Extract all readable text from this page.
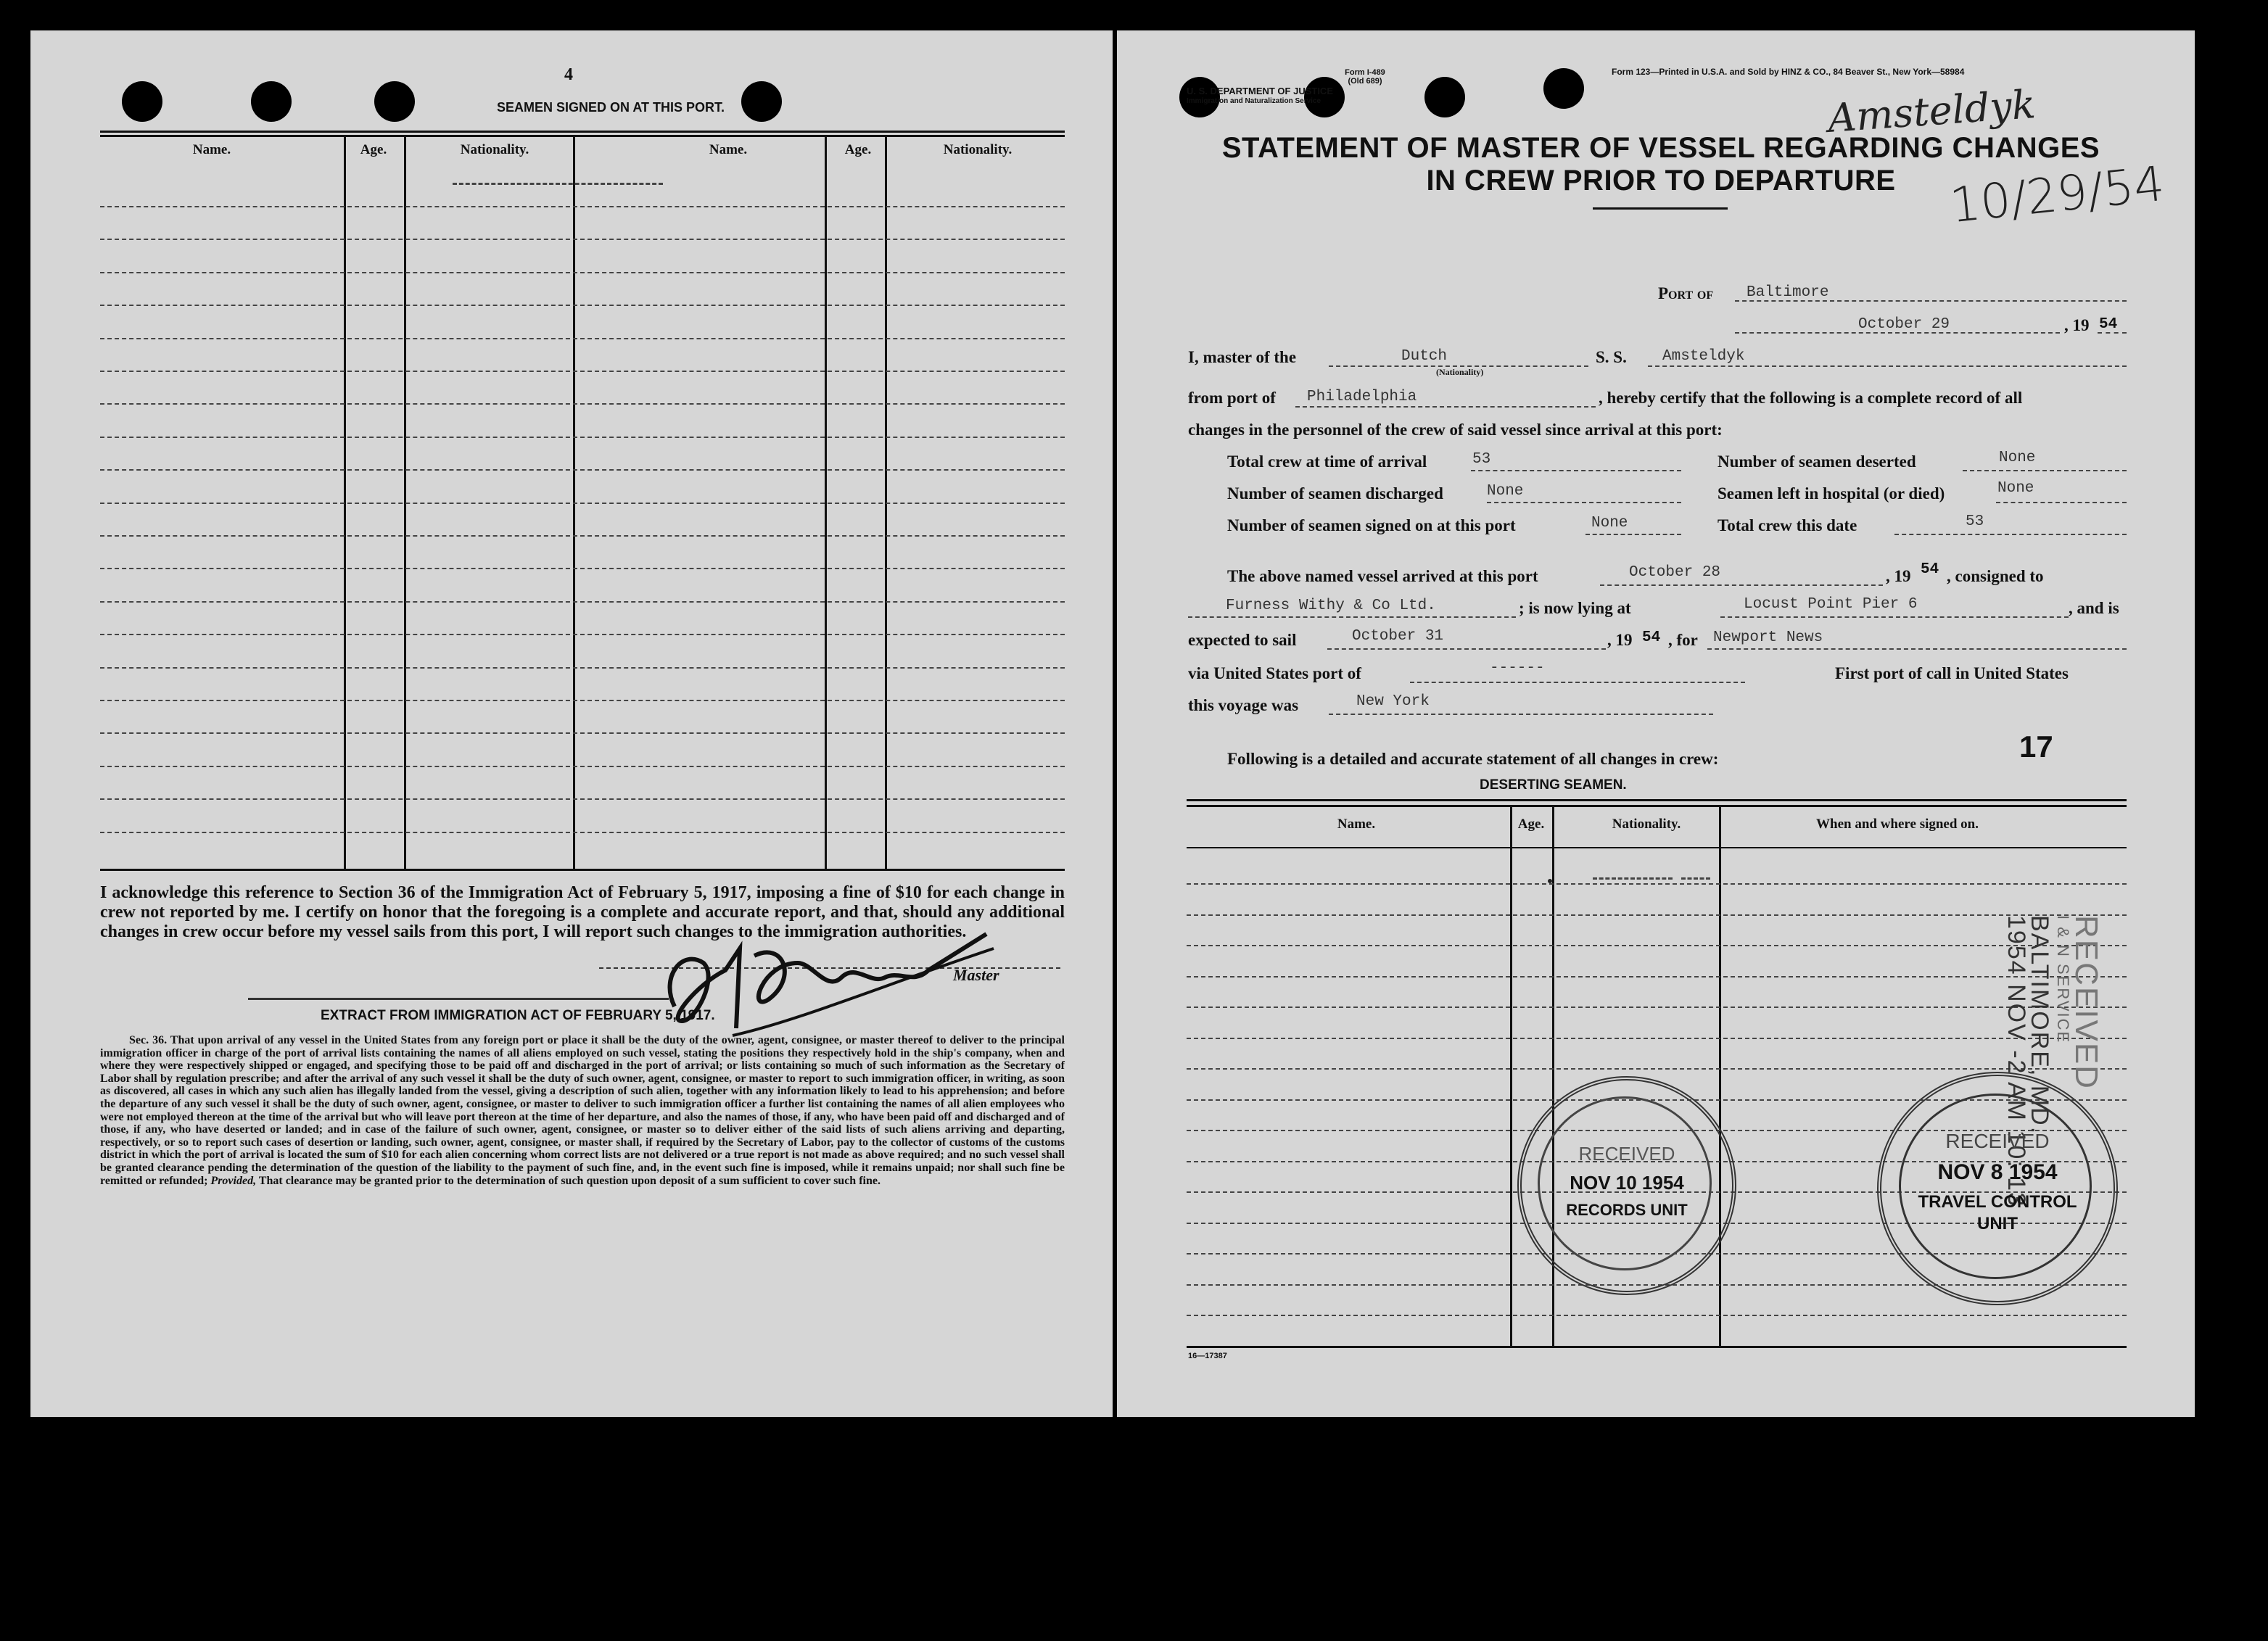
4
SEAMEN SIGNED ON AT THIS PORT.
Name.	Age.	Nationality.	Name.	Age.	Nationality.
I acknowledge this reference to Section 36 of the Immigration Act of February 5, 1917, imposing a fine of $10 for each change in crew not reported by me. I certify on honor that the foregoing is a complete and accurate report, and that, should any additional changes in crew occur before my vessel sails from this port, I will report such changes to the immigration authorities.
Master
EXTRACT FROM IMMIGRATION ACT OF FEBRUARY 5, 1917.
Sec. 36. That upon arrival of any vessel in the United States from any foreign port or place it shall be the duty of the owner, agent, consignee, or master thereof to deliver to the principal immigration officer in charge of the port of arrival lists containing the names of all aliens employed on such vessel, stating the positions they respectively hold in the ship's company, when and where they were respectively shipped or engaged, and specifying those to be paid off and discharged in the port of arrival; or lists containing so much of such information as the Secretary of Labor shall by regulation prescribe; and after the arrival of any such vessel it shall be the duty of such owner, agent, consignee, or master to report to such immigration officer, in writing, as soon as discovered, all cases in which any such alien has illegally landed from the vessel, giving a description of such alien, together with any information likely to lead to his apprehension; and before the departure of any such vessel it shall be the duty of such owner, agent, consignee, or master to deliver to such immigration officer a further list containing the names of all alien employees who were not employed thereon at the time of the arrival but who will leave port thereon at the time of her departure, and also the names of those, if any, who have been paid off and discharged and of those, if any, who have deserted or landed; and in case of the failure of such owner, agent, consignee, or master so to deliver either of the said lists of such aliens arriving and departing, respectively, or so to report such cases of desertion or landing, such owner, agent, consignee, or master shall, if required by the Secretary of Labor, pay to the collector of customs of the customs district in which the port of arrival is located the sum of $10 for each alien concerning whom correct lists are not delivered or a true report is not made as above required; and no such vessel shall be granted clearance pending the determination of the question of the liability to the payment of such fine, and, in the event such fine is imposed, while it remains unpaid; nor shall such fine be remitted or refunded; Provided, That clearance may be granted prior to the determination of such question upon deposit of a sum sufficient to cover such fine.
Form I-489
(Old 689)
U. S. DEPARTMENT OF JUSTICE
Immigration and Naturalization Service
Form 123—Printed in U.S.A. and Sold by HINZ & CO., 84 Beaver St., New York—58984
Amsteldyk
10/29/54
STATEMENT OF MASTER OF VESSEL REGARDING CHANGES
IN CREW PRIOR TO DEPARTURE
Port of Baltimore
October 29	, 19 54
I, master of the	Dutch
(Nationality)
S. S. Amsteldyk
from port of Philadelphia	, hereby certify that the following is a complete record of all
changes in the personnel of the crew of said vessel since arrival at this port:
Total crew at time of arrival	53	Number of seamen deserted	None
Number of seamen discharged	None	Seamen left in hospital (or died)	None
Number of seamen signed on at this port	None	Total crew this date	53
The above named vessel arrived at this port	October 28	, 19 54 , consigned to
Furness Withy & Co Ltd.	; is now lying at	Locust Point Pier 6	, and is
expected to sail	October 31	, 19 54 , for Newport News
via United States port of	------	First port of call in United States
this voyage was	New York
Following is a detailed and accurate statement of all changes in crew:	17
DESERTING SEAMEN.
Name.	Age.	Nationality.	When and where signed on.
16—17387
RECEIVED
I & N SERVICE
BALTIMORE, MD.
1954 NOV -2 AM 10: 13
RECEIVED
NOV 10 1954
RECORDS UNIT
RECEIVED
NOV 8 1954
TRAVEL CONTROL
UNIT
